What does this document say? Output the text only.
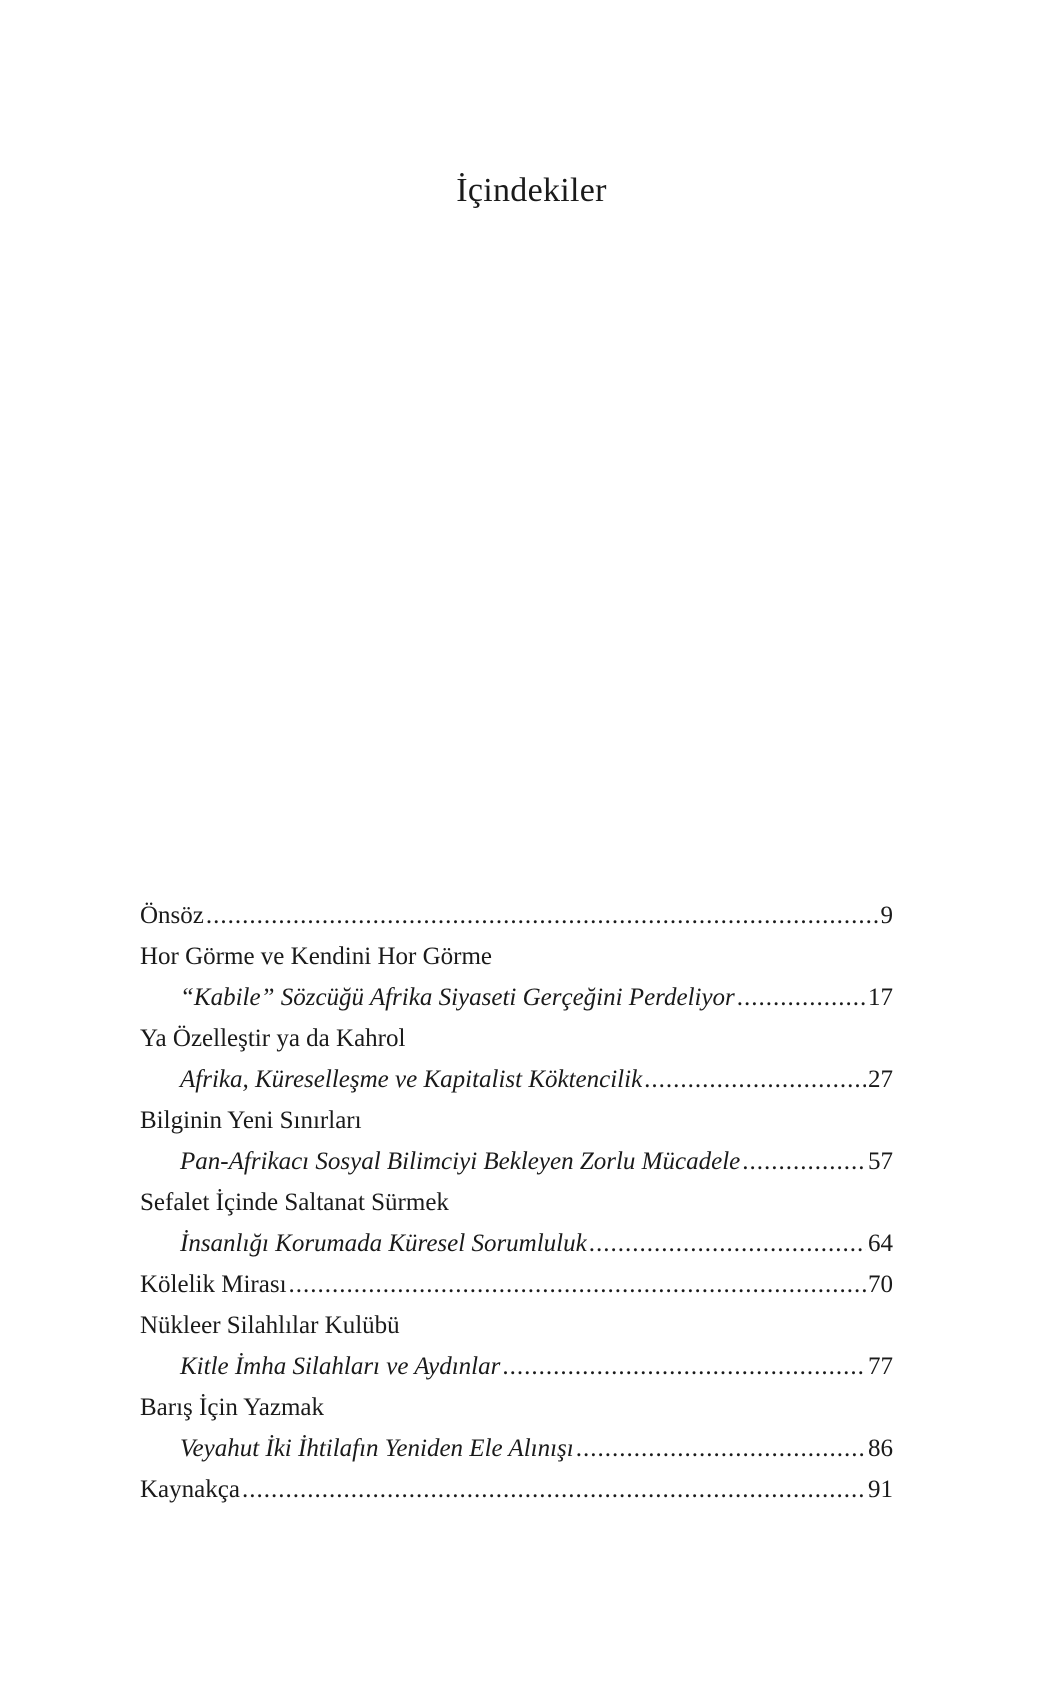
İçindekiler
Önsöz .....	9
Hor Görme ve Kendini Hor Görme
“Kabile” Sözcüğü Afrika Siyaseti Gerçeğini Perdeliyor .....	17
Ya Özelleştir ya da Kahrol
Afrika, Küreselleşme ve Kapitalist Köktencilik .....	27
Bilginin Yeni Sınırları
Pan-Afrikacı Sosyal Bilimciyi Bekleyen Zorlu Mücadele .....	57
Sefalet İçinde Saltanat Sürmek
İnsanlığı Korumada Küresel Sorumluluk .....	64
Kölelik Mirası .....	70
Nükleer Silahlılar Kulübü
Kitle İmha Silahları ve Aydınlar .....	77
Barış İçin Yazmak
Veyahut İki İhtilafın Yeniden Ele Alınışı .....	86
Kaynakça .....	91
